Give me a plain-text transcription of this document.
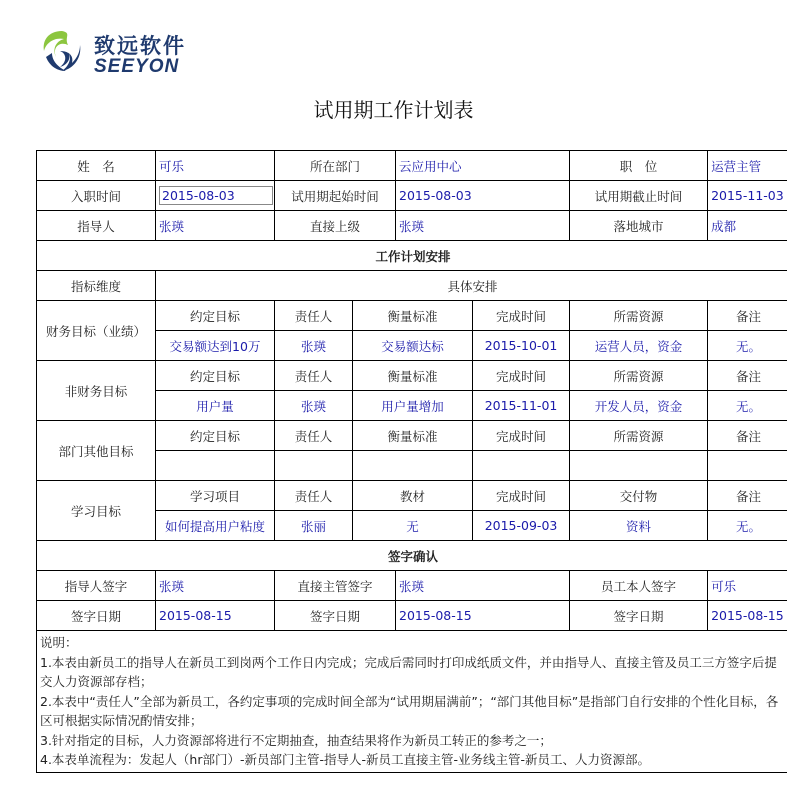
致远软件
SEEYON
试用期工作计划表
姓　名	可乐	所在部门		云应用中心		职　位	运营主管
入职时间	2015-08-03	试用期起始时间		2015-08-03		试用期截止时间	2015-11-03
指导人	张瑛	直接上级		张瑛		落地城市	成都
工作计划安排							
指标维度	具体安排						
财务目标（业绩）	约定目标	责任人	衡量标准		完成时间	所需资源	备注
	交易额达到10万	张瑛	交易额达标		2015-10-01	运营人员，资金	无。
非财务目标	约定目标	责任人	衡量标准		完成时间	所需资源	备注
	用户量	张瑛	用户量增加		2015-11-01	开发人员，资金	无。
部门其他目标	约定目标	责任人	衡量标准		完成时间	所需资源	备注

学习目标	学习项目	责任人	教材		完成时间	交付物	备注
	如何提高用户粘度	张丽	无		2015-09-03	资料	无。
签字确认							
指导人签字	张瑛	直接主管签字		张瑛		员工本人签字	可乐
签字日期	2015-08-15	签字日期		2015-08-15		签字日期	2015-08-15

说明：
1.本表由新员工的指导人在新员工到岗两个工作日内完成；完成后需同时打印成纸质文件，并由指导人、直接主管及员工三方签字后提交人力资源部存档；
2.本表中“责任人”全部为新员工，各约定事项的完成时间全部为“试用期届满前”；“部门其他目标”是指部门自行安排的个性化目标，各区可根据实际情况酌情安排；
3.针对指定的目标，人力资源部将进行不定期抽查，抽查结果将作为新员工转正的参考之一；
4.本表单流程为：发起人（hr部门）-新员部门主管-指导人-新员工直接主管-业务线主管-新员工、人力资源部。							
